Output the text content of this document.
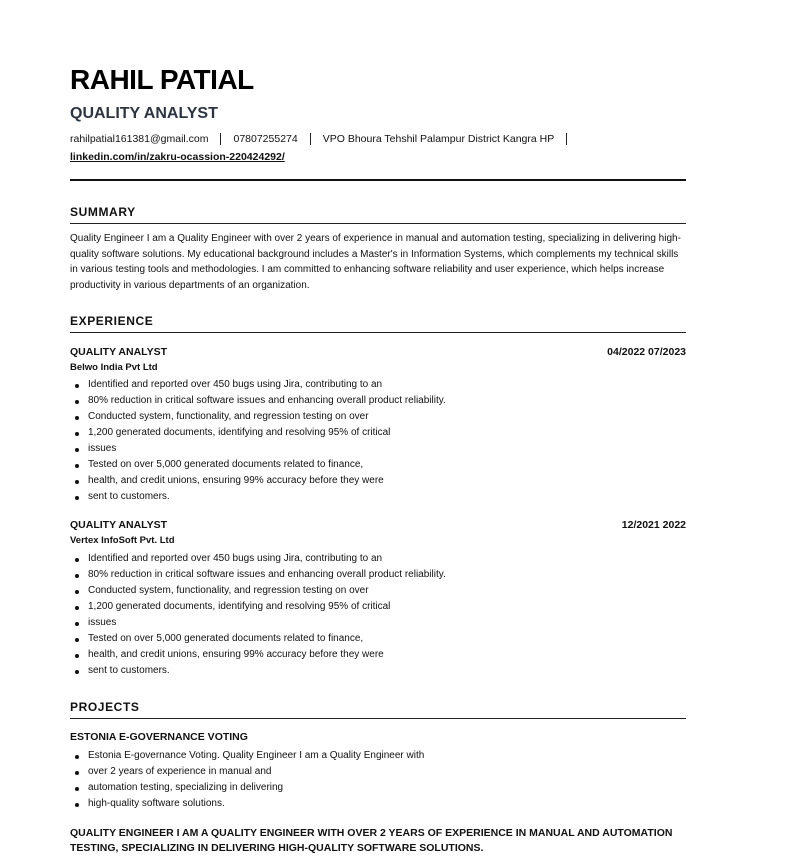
RAHIL PATIAL
QUALITY ANALYST
rahilpatial161381@gmail.com 07807255274 VPO Bhoura Tehshil Palampur District Kangra HP
linkedin.com/in/zakru-ocassion-220424292/
SUMMARY
Quality Engineer I am a Quality Engineer with over 2 years of experience in manual and automation testing, specializing in delivering high-quality software solutions. My educational background includes a Master's in Information Systems, which complements my technical skills in various testing tools and methodologies. I am committed to enhancing software reliability and user experience, which helps increase productivity in various departments of an organization.
EXPERIENCE
QUALITY ANALYST	04/2022 07/2023
Belwo India Pvt Ltd
Identified and reported over 450 bugs using Jira, contributing to an
80% reduction in critical software issues and enhancing overall product reliability.
Conducted system, functionality, and regression testing on over
1,200 generated documents, identifying and resolving 95% of critical
issues
Tested on over 5,000 generated documents related to finance,
health, and credit unions, ensuring 99% accuracy before they were
sent to customers.
QUALITY ANALYST	12/2021 2022
Vertex InfoSoft Pvt. Ltd
Identified and reported over 450 bugs using Jira, contributing to an
80% reduction in critical software issues and enhancing overall product reliability.
Conducted system, functionality, and regression testing on over
1,200 generated documents, identifying and resolving 95% of critical
issues
Tested on over 5,000 generated documents related to finance,
health, and credit unions, ensuring 99% accuracy before they were
sent to customers.
PROJECTS
ESTONIA E-GOVERNANCE VOTING
Estonia E-governance Voting. Quality Engineer I am a Quality Engineer with
over 2 years of experience in manual and
automation testing, specializing in delivering
high-quality software solutions.
QUALITY ENGINEER I AM A QUALITY ENGINEER WITH OVER 2 YEARS OF EXPERIENCE IN MANUAL AND AUTOMATION TESTING, SPECIALIZING IN DELIVERING HIGH-QUALITY SOFTWARE SOLUTIONS.
